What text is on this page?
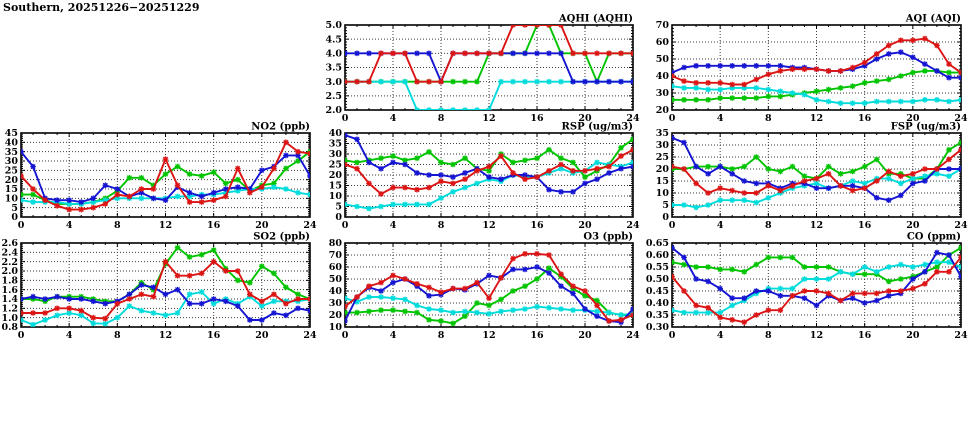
Southern, 20251226−20251229
2.0
2.5
3.0
3.5
4.0
4.5
5.0
0	4	8	12	16	20	24
AQHI (AQHI)
20
30
40
50
60
70
0	4	8	12	16	20	24
AQI (AQI)
0
5
10
15
20
25
30
35
40
45
0	4	8	12	16	20	24
NO2 (ppb)
0
5
10
15
20
25
30
35
40
0	4	8	12	16	20	24
RSP (ug/m3)
0
5
10
15
20
25
30
35
0	4	8	12	16	20	24
FSP (ug/m3)
0.8
1.0
1.2
1.4
1.6
1.8
2.0
2.2
2.4
2.6
0	4	8	12	16	20	24
SO2 (ppb)
10
20
30
40
50
60
70
80
0	4	8	12	16	20	24
O3 (ppb)
0.30
0.35
0.40
0.45
0.50
0.55
0.60
0.65
0	4	8	12	16	20	24
CO (ppm)
